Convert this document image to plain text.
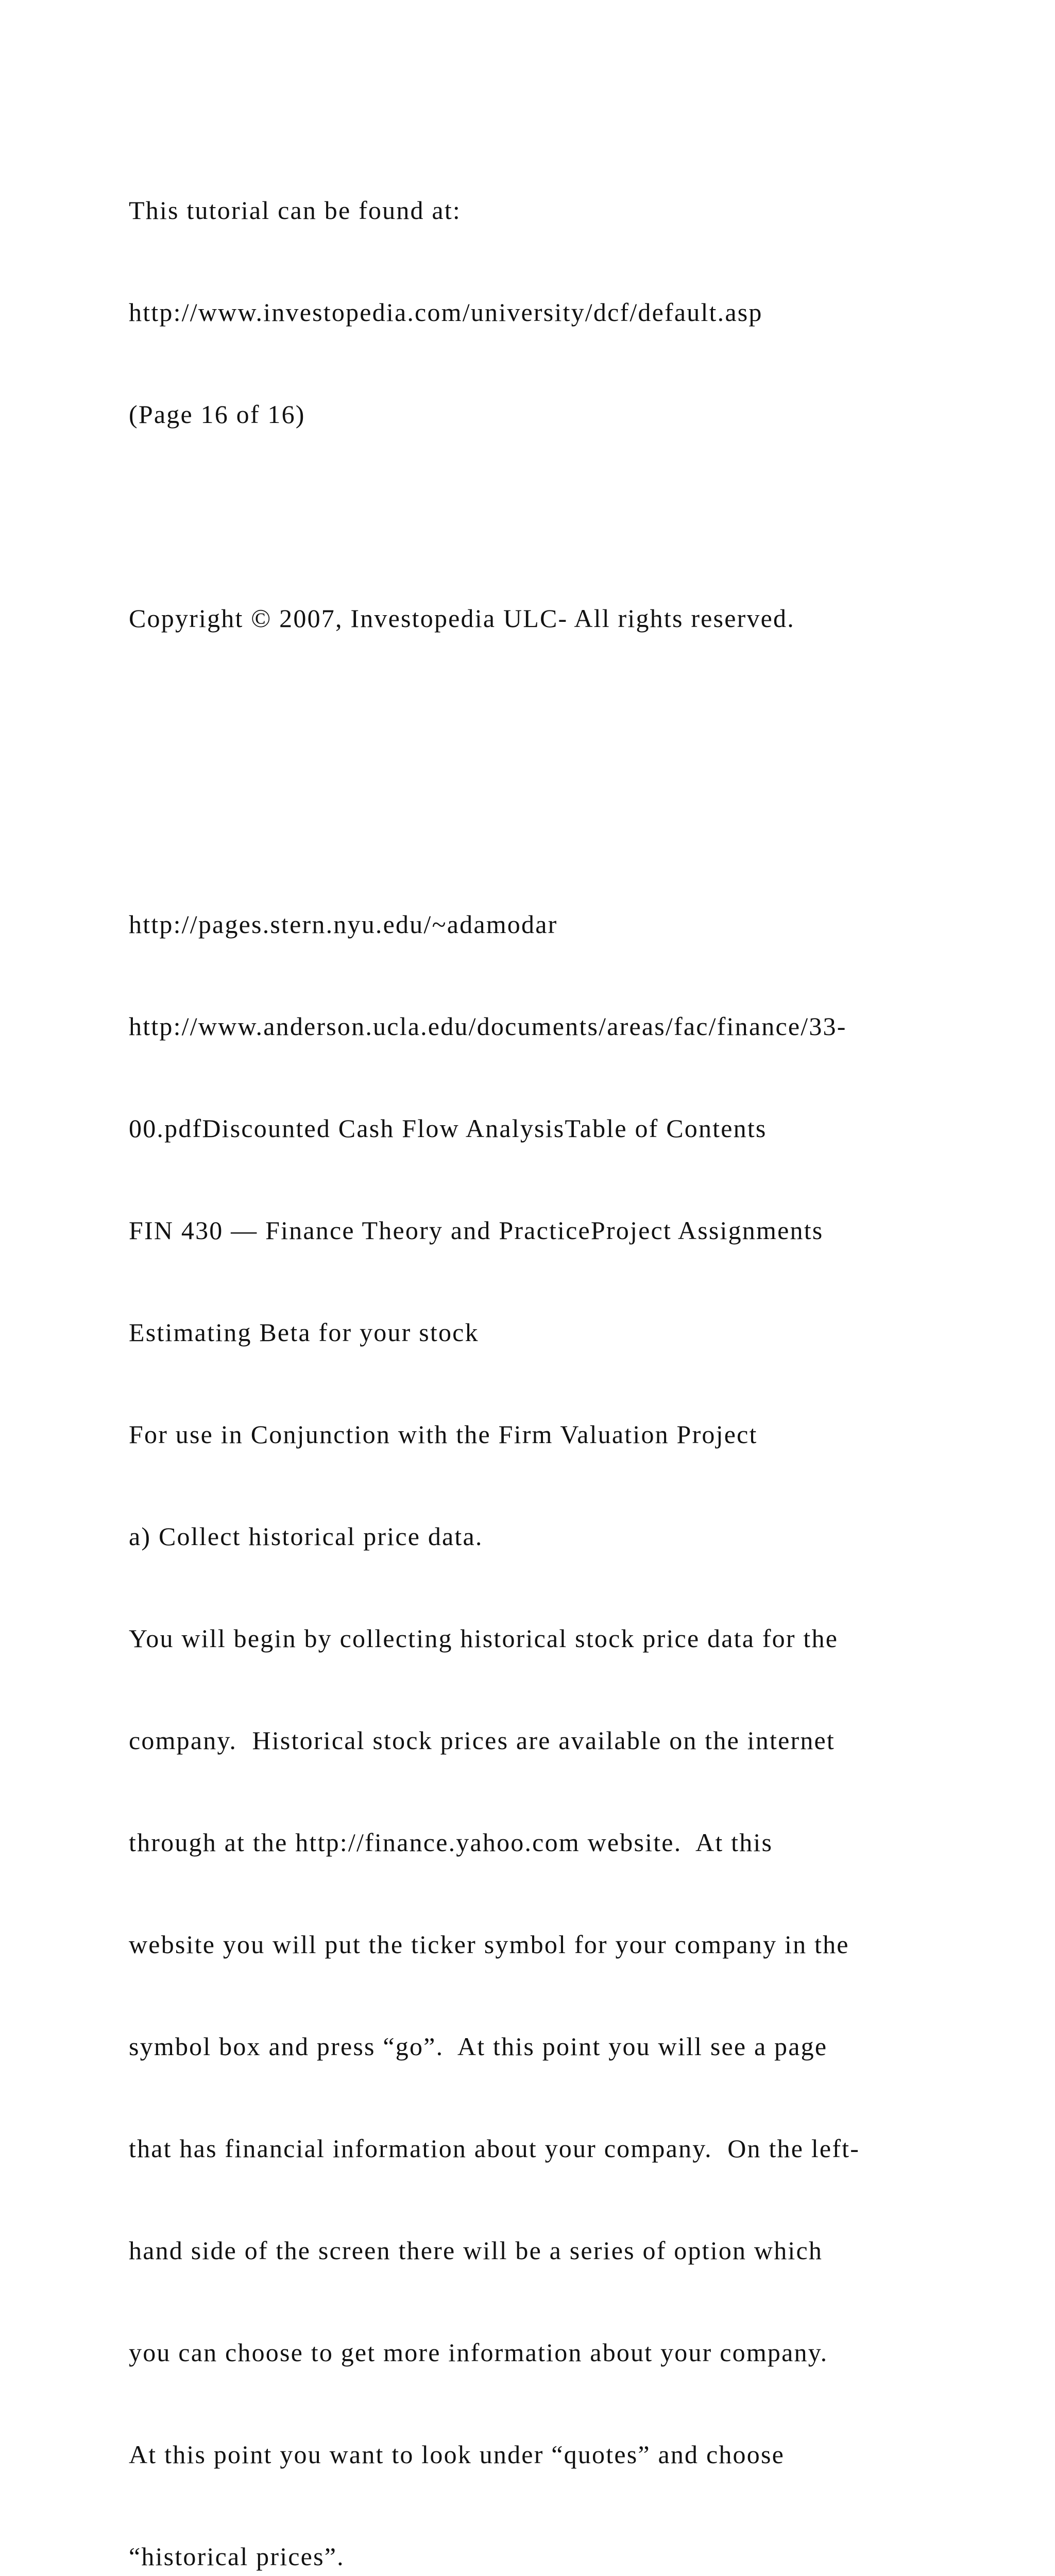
This tutorial can be found at:

http://www.investopedia.com/university/dcf/default.asp

(Page 16 of 16)

Copyright © 2007, Investopedia ULC- All rights reserved.

http://pages.stern.nyu.edu/~adamodar

http://www.anderson.ucla.edu/documents/areas/fac/finance/33-

00.pdfDiscounted Cash Flow AnalysisTable of Contents

FIN 430 — Finance Theory and PracticeProject Assignments

Estimating Beta for your stock

For use in Conjunction with the Firm Valuation Project

a) Collect historical price data.

You will begin by collecting historical stock price data for the

company.  Historical stock prices are available on the internet

through at the http://finance.yahoo.com website.  At this

website you will put the ticker symbol for your company in the

symbol box and press “go”.  At this point you will see a page

that has financial information about your company.  On the left-

hand side of the screen there will be a series of option which

you can choose to get more information about your company.

At this point you want to look under “quotes” and choose

“historical prices”.
